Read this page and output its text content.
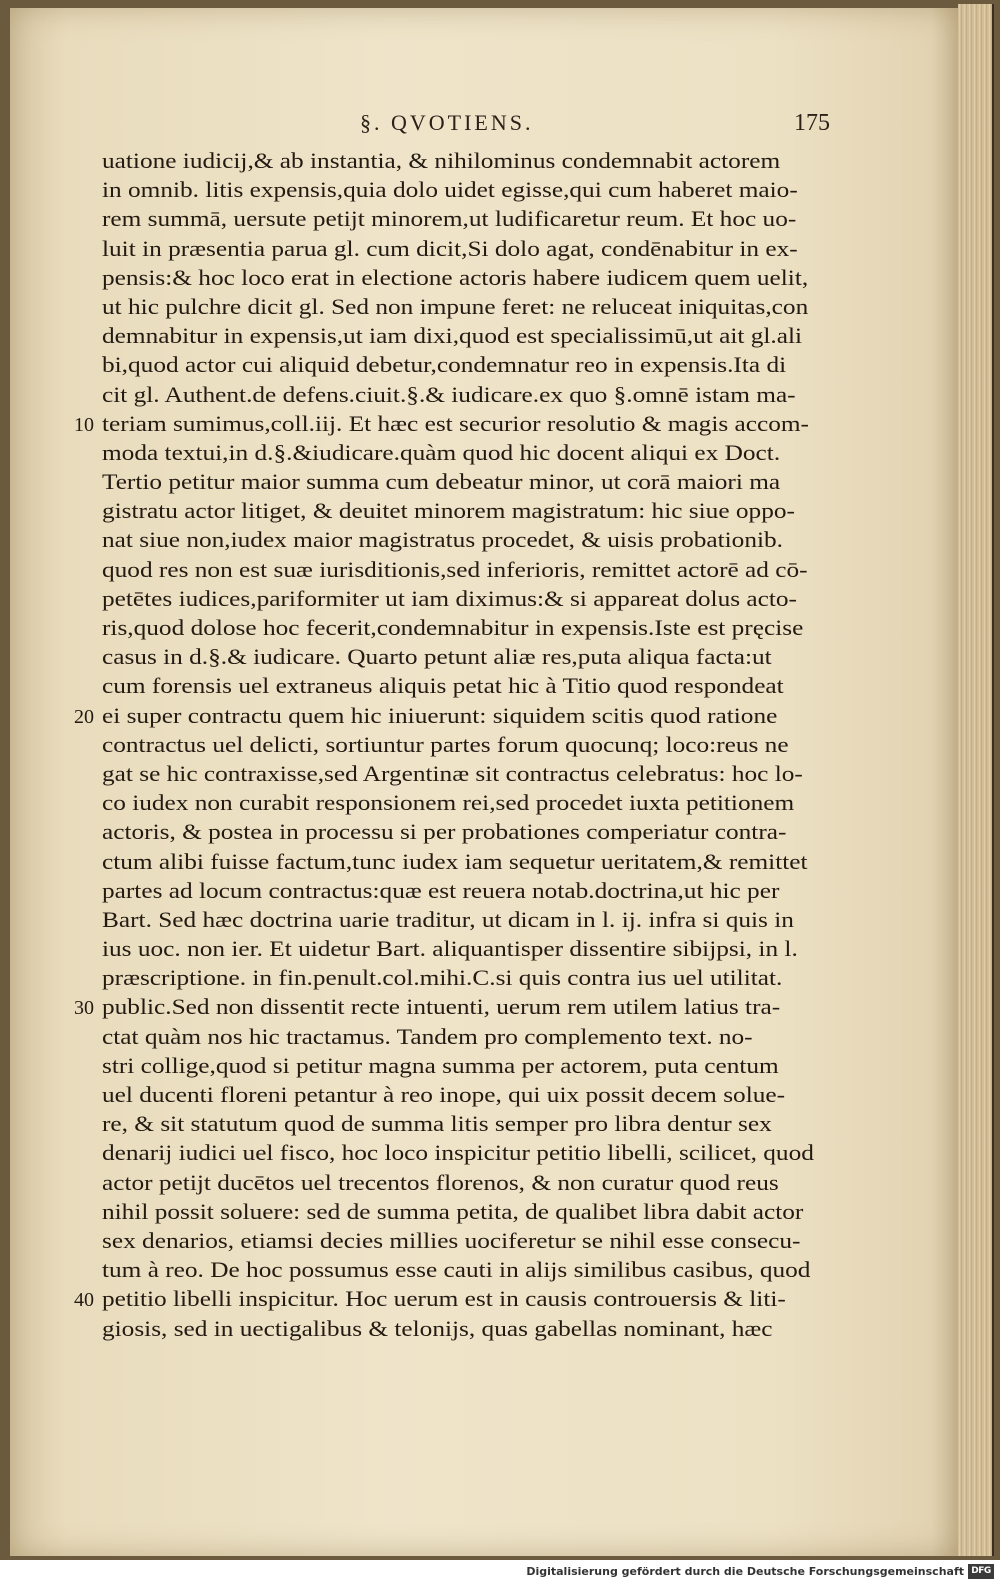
§. QVOTIENS.	175
uatione iudicij,& ab instantia, & nihilominus condemnabit actorem
in omnib. litis expensis,quia dolo uidet egisse,qui cum haberet maio-
rem summā, uersute petijt minorem,ut ludificaretur reum. Et hoc uo-
luit in præsentia parua gl. cum dicit,Si dolo agat, condēnabitur in ex-
pensis:& hoc loco erat in electione actoris habere iudicem quem uelit,
ut hic pulchre dicit gl. Sed non impune feret: ne reluceat iniquitas,con
demnabitur in expensis,ut iam dixi,quod est specialissimū,ut ait gl.ali
bi,quod actor cui aliquid debetur,condemnatur reo in expensis.Ita di
cit gl. Authent.de defens.ciuit.§.& iudicare.ex quo §.omnē istam ma-
10 teriam sumimus,coll.iij. Et hæc est securior resolutio & magis accom-
moda textui,in d.§.&iudicare.quàm quod hic docent aliqui ex Doct.
Tertio petitur maior summa cum debeatur minor, ut corā maiori ma
gistratu actor litiget, & deuitet minorem magistratum: hic siue oppo-
nat siue non,iudex maior magistratus procedet, & uisis probationib.
quod res non est suæ iurisditionis,sed inferioris, remittet actorē ad cō-
petētes iudices,pariformiter ut iam diximus:& si appareat dolus acto-
ris,quod dolose hoc fecerit,condemnabitur in expensis.Iste est pręcise
casus in d.§.& iudicare. Quarto petunt aliæ res,puta aliqua facta:ut
cum forensis uel extraneus aliquis petat hic à Titio quod respondeat
20 ei super contractu quem hic iniuerunt: siquidem scitis quod ratione
contractus uel delicti, sortiuntur partes forum quocunq; loco:reus ne
gat se hic contraxisse,sed Argentinæ sit contractus celebratus: hoc lo-
co iudex non curabit responsionem rei,sed procedet iuxta petitionem
actoris, & postea in processu si per probationes comperiatur contra-
ctum alibi fuisse factum,tunc iudex iam sequetur ueritatem,& remittet
partes ad locum contractus:quæ est reuera notab.doctrina,ut hic per
Bart. Sed hæc doctrina uarie traditur, ut dicam in l. ij. infra si quis in
ius uoc. non ier. Et uidetur Bart. aliquantisper dissentire sibijpsi, in l.
præscriptione. in fin.penult.col.mihi.C.si quis contra ius uel utilitat.
30 public.Sed non dissentit recte intuenti, uerum rem utilem latius tra-
ctat quàm nos hic tractamus. Tandem pro complemento text. no-
stri collige,quod si petitur magna summa per actorem, puta centum
uel ducenti floreni petantur à reo inope, qui uix possit decem solue-
re, & sit statutum quod de summa litis semper pro libra dentur sex
denarij iudici uel fisco, hoc loco inspicitur petitio libelli, scilicet, quod
actor petijt ducētos uel trecentos florenos, & non curatur quod reus
nihil possit soluere: sed de summa petita, de qualibet libra dabit actor
sex denarios, etiamsi decies millies uociferetur se nihil esse consecu-
tum à reo. De hoc possumus esse cauti in alijs similibus casibus, quod
40 petitio libelli inspicitur. Hoc uerum est in causis controuersis & liti-
giosis, sed in uectigalibus & telonijs, quas gabellas nominant, hæc
Digitalisierung gefördert durch die Deutsche Forschungsgemeinschaft DFG
